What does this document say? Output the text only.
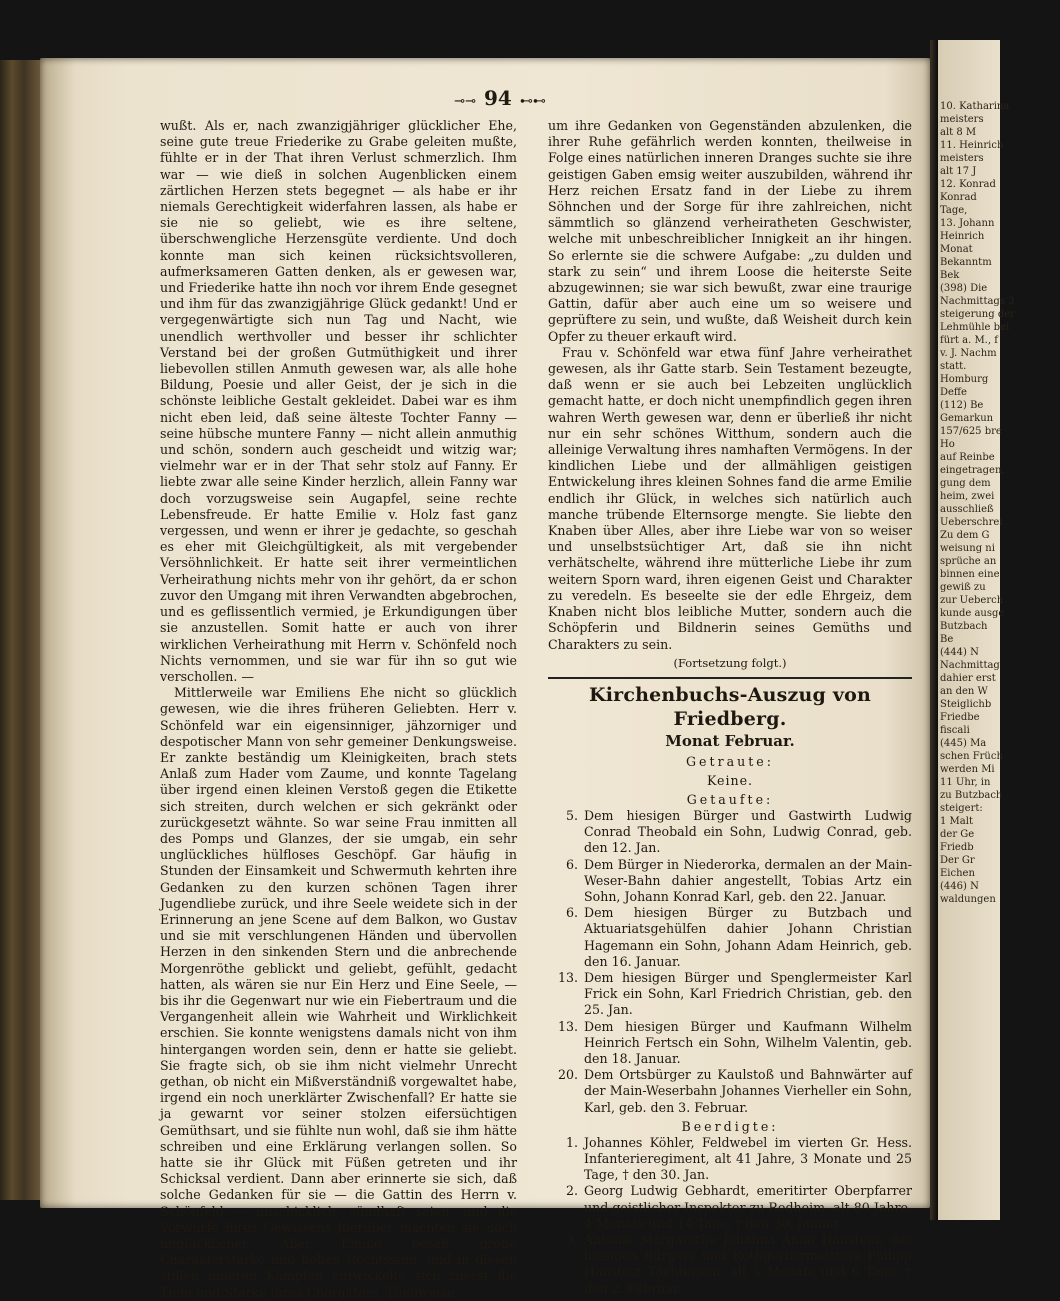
10. Katharina
meisters
alt 8 M
11. Heinrich
meisters
alt 17 J
12. Konrad
Konrad
Tage,
13. Johann
Heinrich
Monat
Bekanntm
Bek
(398) Die
Nachmittags 3
steigerung der
Lehmühle bei
fürt a. M., f
v. J. Nachm
statt.
Homburg
Deffe
(112) Be
Gemarkun
157/625 bre
Ho
auf Reinbe
eingetragen,
gung dem
heim, zwei
ausschließ
Ueberschrei
Zu dem G
weisung ni
sprüche an
binnen eine
gewiß zu
zur Ueberch
kunde ausge
Butzbach
Be
(444) N
Nachmittag
dahier erst
an den W
Steiglichb
Friedbe
fiscali
(445) Ma
schen Früch
werden Mi
11 Uhr, in
zu Butzbach
steigert:
1 Malt
der Ge
Friedb
Der Gr
Eichen
(446) N
waldungen
⊸⊸ 94 ⊷⊷

wußt. Als er, nach zwanzigjähriger glücklicher Ehe, seine gute treue Friederike zu Grabe geleiten mußte, fühlte er in der That ihren Verlust schmerzlich. Ihm war — wie dieß in solchen Augenblicken einem zärtlichen Herzen stets begegnet — als habe er ihr niemals Gerechtigkeit widerfahren lassen, als habe er sie nie so geliebt, wie es ihre seltene, überschwengliche Herzensgüte verdiente. Und doch konnte man sich keinen rücksichtsvolleren, aufmerksameren Gatten denken, als er gewesen war, und Friederike hatte ihn noch vor ihrem Ende gesegnet und ihm für das zwanzigjährige Glück gedankt! Und er vergegenwärtigte sich nun Tag und Nacht, wie unendlich werthvoller und besser ihr schlichter Verstand bei der großen Gutmüthigkeit und ihrer liebevollen stillen Anmuth gewesen war, als alle hohe Bildung, Poesie und aller Geist, der je sich in die schönste leibliche Gestalt gekleidet. Dabei war es ihm nicht eben leid, daß seine älteste Tochter Fanny — seine hübsche muntere Fanny — nicht allein anmuthig und schön, sondern auch gescheidt und witzig war; vielmehr war er in der That sehr stolz auf Fanny. Er liebte zwar alle seine Kinder herzlich, allein Fanny war doch vorzugsweise sein Augapfel, seine rechte Lebensfreude. Er hatte Emilie v. Holz fast ganz vergessen, und wenn er ihrer je gedachte, so geschah es eher mit Gleichgültigkeit, als mit vergebender Versöhnlichkeit. Er hatte seit ihrer vermeintlichen Verheirathung nichts mehr von ihr gehört, da er schon zuvor den Umgang mit ihren Verwandten abgebrochen, und es geflissentlich vermied, je Erkundigungen über sie anzustellen. Somit hatte er auch von ihrer wirklichen Verheirathung mit Herrn v. Schönfeld noch Nichts vernommen, und sie war für ihn so gut wie verschollen. —

Mittlerweile war Emiliens Ehe nicht so glücklich gewesen, wie die ihres früheren Geliebten. Herr v. Schönfeld war ein eigensinniger, jähzorniger und despotischer Mann von sehr gemeiner Denkungsweise. Er zankte beständig um Kleinigkeiten, brach stets Anlaß zum Hader vom Zaume, und konnte Tagelang über irgend einen kleinen Verstoß gegen die Etikette sich streiten, durch welchen er sich gekränkt oder zurückgesetzt wähnte. So war seine Frau inmitten all des Pomps und Glanzes, der sie umgab, ein sehr unglückliches hülfloses Geschöpf. Gar häufig in Stunden der Einsamkeit und Schwermuth kehrten ihre Gedanken zu den kurzen schönen Tagen ihrer Jugendliebe zurück, und ihre Seele weidete sich in der Erinnerung an jene Scene auf dem Balkon, wo Gustav und sie mit verschlungenen Händen und übervollen Herzen in den sinkenden Stern und die anbrechende Morgenröthe geblickt und geliebt, gefühlt, gedacht hatten, als wären sie nur Ein Herz und Eine Seele, — bis ihr die Gegenwart nur wie ein Fiebertraum und die Vergangenheit allein wie Wahrheit und Wirklichkeit erschien. Sie konnte wenigstens damals nicht von ihm hintergangen worden sein, denn er hatte sie geliebt. Sie fragte sich, ob sie ihm nicht vielmehr Unrecht gethan, ob nicht ein Mißverständniß vorgewaltet habe, irgend ein noch unerklärter Zwischenfall? Er hatte sie ja gewarnt vor seiner stolzen eifersüchtigen Gemüthsart, und sie fühlte nun wohl, daß sie ihm hätte schreiben und eine Erklärung verlangen sollen. So hatte sie ihr Glück mit Füßen getreten und ihr Schicksal verdient. Dann aber erinnerte sie sich, daß solche Gedanken für sie — die Gattin des Herrn v. Schönfeld — unschicklich, sündhaft seien, und die Vorwürfe ihres Gewissens hierüber machten sie noch unglücklicher. Aber Emilie besaß große Charakterstärke und hohen Rechtssinn; und in diesen stillen inneren Kämpfen entwickelte sich zuerst die Tiefe und Stärke ihres Charakters. Theilweise

um ihre Gedanken von Gegenständen abzulenken, die ihrer Ruhe gefährlich werden konnten, theilweise in Folge eines natürlichen inneren Dranges suchte sie ihre geistigen Gaben emsig weiter auszubilden, während ihr Herz reichen Ersatz fand in der Liebe zu ihrem Söhnchen und der Sorge für ihre zahlreichen, nicht sämmtlich so glänzend verheiratheten Geschwister, welche mit unbeschreiblicher Innigkeit an ihr hingen. So erlernte sie die schwere Aufgabe: „zu dulden und stark zu sein“ und ihrem Loose die heiterste Seite abzugewinnen; sie war sich bewußt, zwar eine traurige Gattin, dafür aber auch eine um so weisere und geprüftere zu sein, und wußte, daß Weisheit durch kein Opfer zu theuer erkauft wird.

Frau v. Schönfeld war etwa fünf Jahre verheirathet gewesen, als ihr Gatte starb. Sein Testament bezeugte, daß wenn er sie auch bei Lebzeiten unglücklich gemacht hatte, er doch nicht unempfindlich gegen ihren wahren Werth gewesen war, denn er überließ ihr nicht nur ein sehr schönes Witthum, sondern auch die alleinige Verwaltung ihres namhaften Vermögens. In der kindlichen Liebe und der allmähligen geistigen Entwickelung ihres kleinen Sohnes fand die arme Emilie endlich ihr Glück, in welches sich natürlich auch manche trübende Elternsorge mengte. Sie liebte den Knaben über Alles, aber ihre Liebe war von so weiser und unselbstsüchtiger Art, daß sie ihn nicht verhätschelte, während ihre mütterliche Liebe ihr zum weitern Sporn ward, ihren eigenen Geist und Charakter zu veredeln. Es beseelte sie der edle Ehrgeiz, dem Knaben nicht blos leibliche Mutter, sondern auch die Schöpferin und Bildnerin seines Gemüths und Charakters zu sein.

(Fortsetzung folgt.)

Kirchenbuchs-Auszug von Friedberg.
Monat Februar.
Getraute:
Keine.
Getaufte:
5. Dem hiesigen Bürger und Gastwirth Ludwig Conrad Theobald ein Sohn, Ludwig Conrad, geb. den 12. Jan.
6. Dem Bürger in Niederorka, dermalen an der Main-Weser-Bahn dahier angestellt, Tobias Artz ein Sohn, Johann Konrad Karl, geb. den 22. Januar.
6. Dem hiesigen Bürger zu Butzbach und Aktuariatsgehülfen dahier Johann Christian Hagemann ein Sohn, Johann Adam Heinrich, geb. den 16. Januar.
13. Dem hiesigen Bürger und Spenglermeister Karl Frick ein Sohn, Karl Friedrich Christian, geb. den 25. Jan.
13. Dem hiesigen Bürger und Kaufmann Wilhelm Heinrich Fertsch ein Sohn, Wilhelm Valentin, geb. den 18. Januar.
20. Dem Ortsbürger zu Kaulstoß und Bahnwärter auf der Main-Weserbahn Johannes Vierheller ein Sohn, Karl, geb. den 3. Februar.
Beerdigte:
1. Johannes Köhler, Feldwebel im vierten Gr. Hess. Infanterieregiment, alt 41 Jahre, 3 Monate und 25 Tage, † den 30. Jan.
2. Georg Ludwig Gebhardt, emeritirter Oberpfarrer und geistlicher Inspektor zu Rodheim, alt 80 Jahre, 4 Monate und 14 Tage, † den 30. Januar.
3. Antonie Margarethe Johanna Anna Hanstein, des hiesigen Bürgers und Rothgerbermeisters Philipp Hanstein Töchterlein, alt 5 Monate und 6 Tage, † den 2. Februar.
